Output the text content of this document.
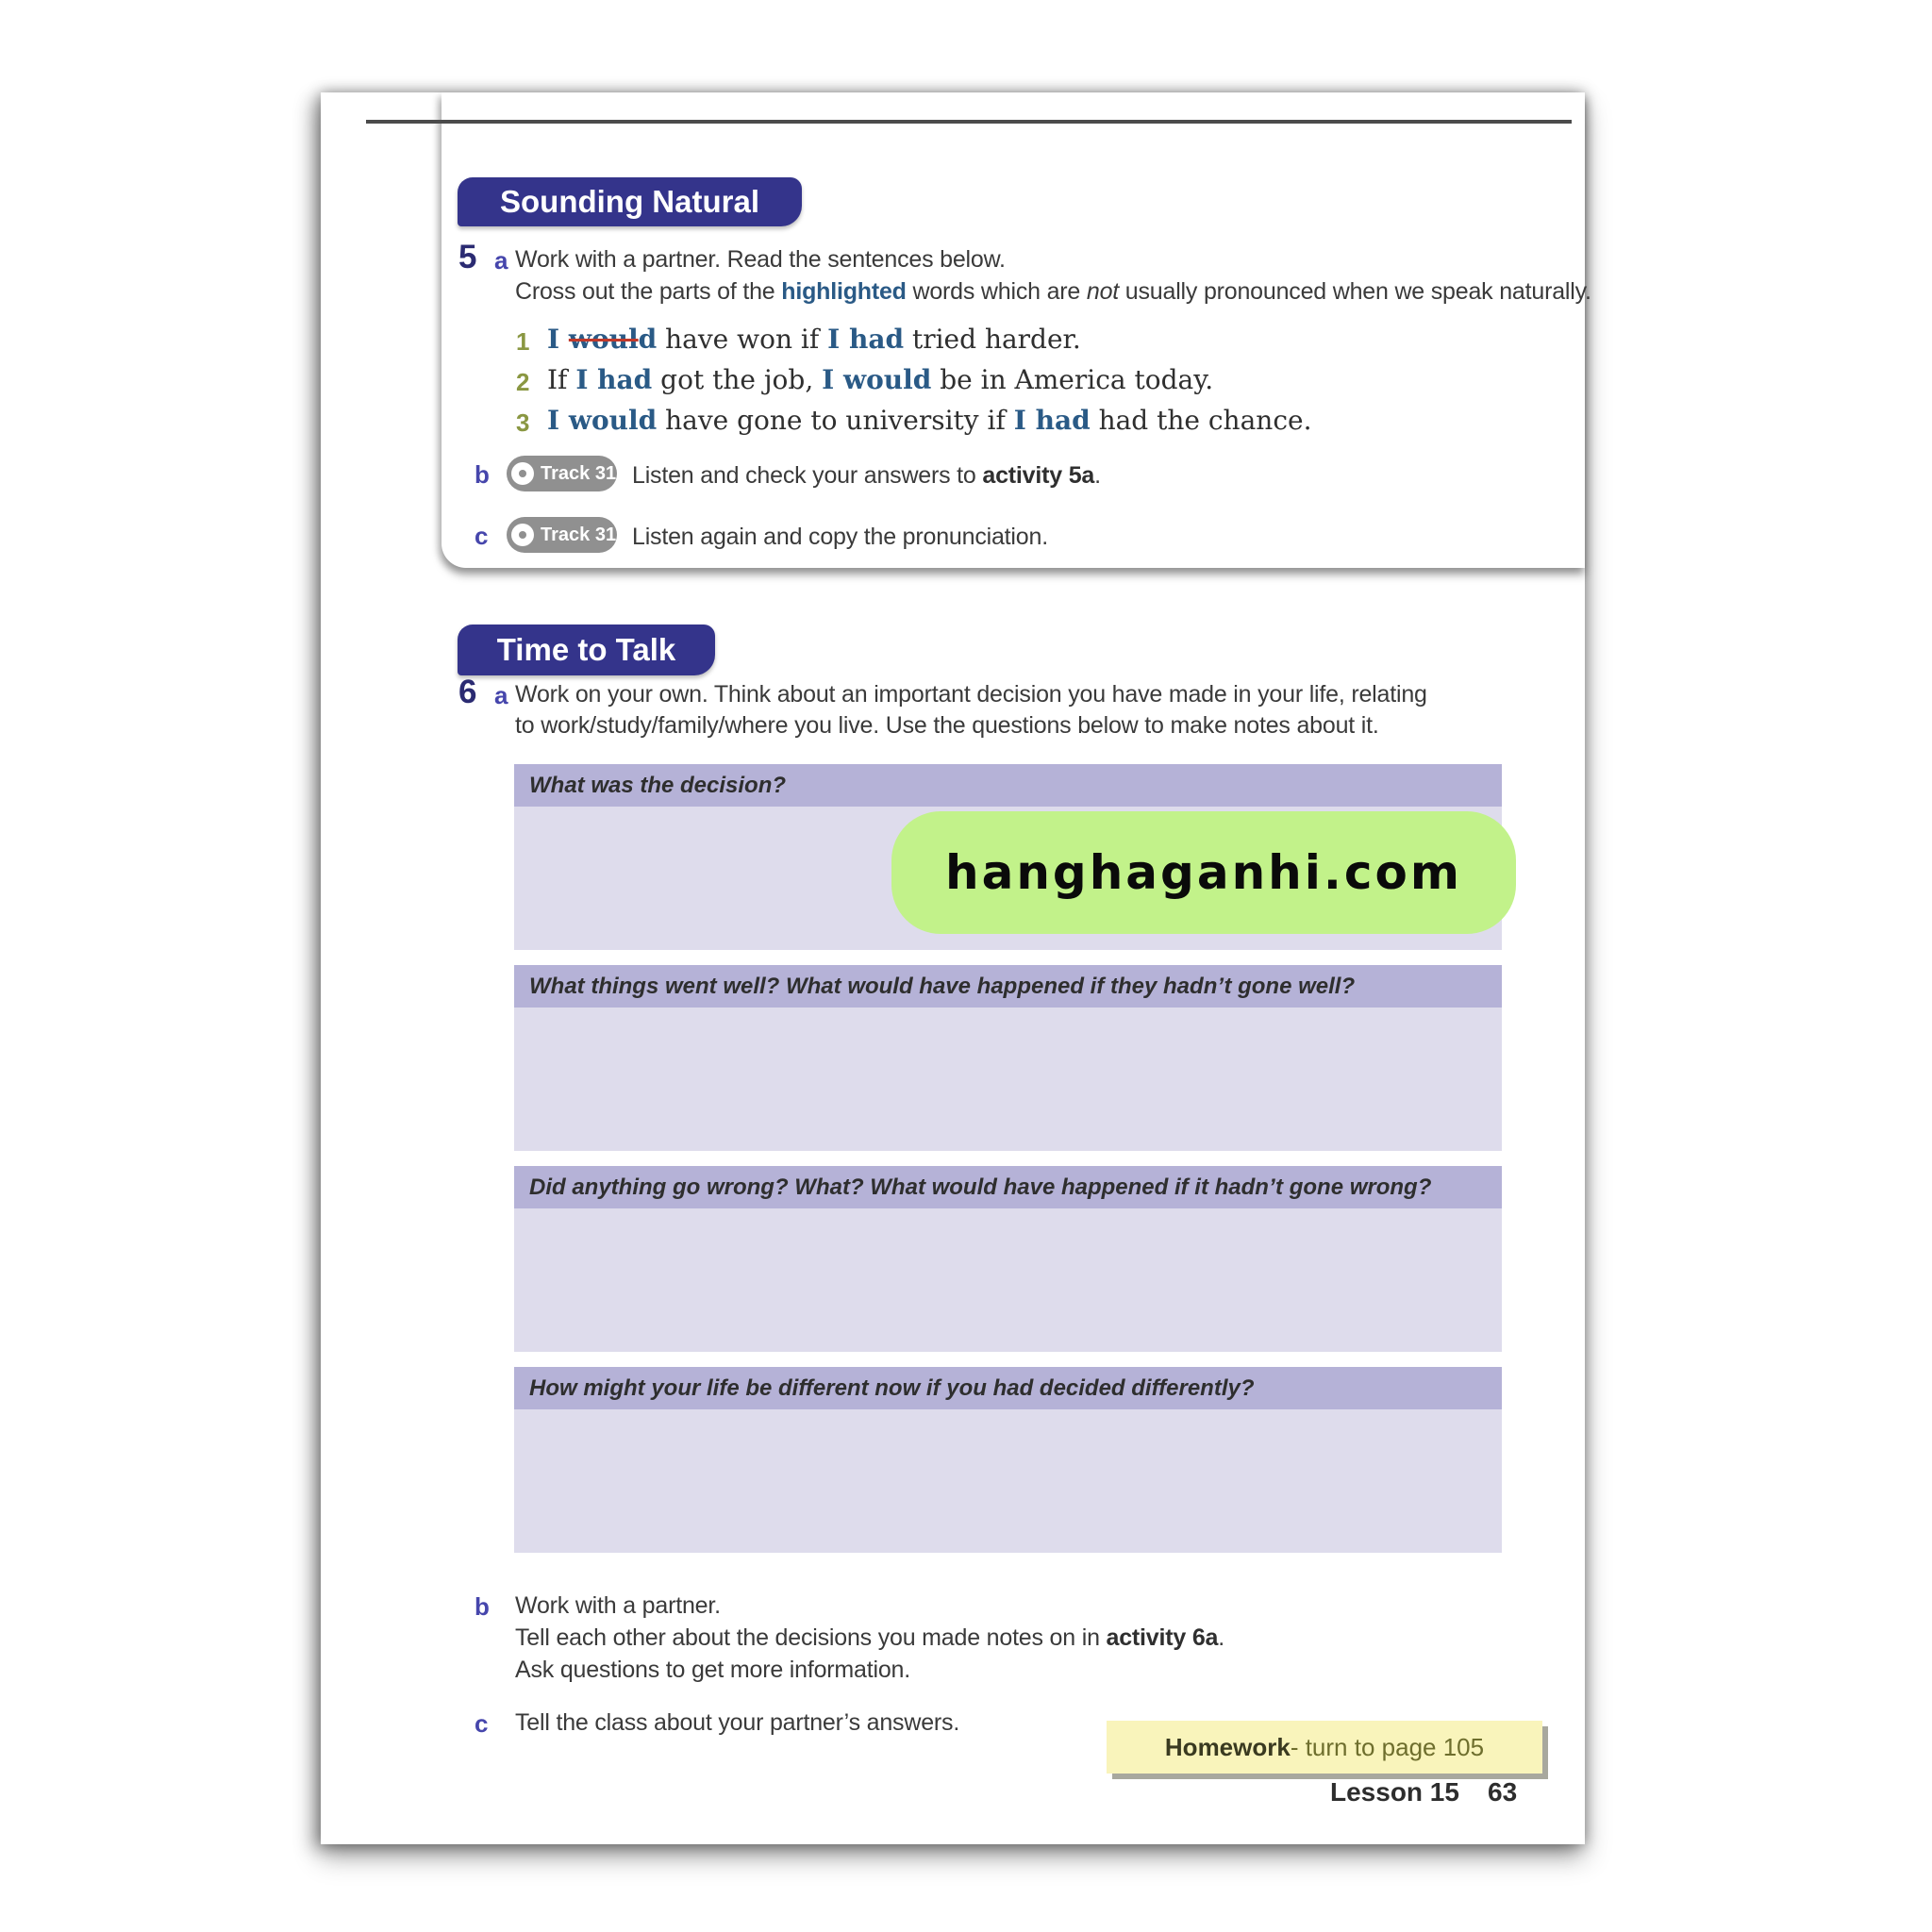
Sounding Natural
5 a Work with a partner. Read the sentences below.
Cross out the parts of the highlighted words which are not usually pronounced when we speak naturally.
1 I would have won if I had tried harder.
2 If I had got the job, I would be in America today.
3 I would have gone to university if I had had the chance.
b	Track 31 Listen and check your answers to activity 5a.
c	Track 31 Listen again and copy the pronunciation.
Time to Talk
6 a Work on your own. Think about an important decision you have made in your life, relating
to work/study/family/where you live. Use the questions below to make notes about it.
What was the decision?
What things went well? What would have happened if they hadn’t gone well?
Did anything go wrong? What? What would have happened if it hadn’t gone wrong?
How might your life be different now if you had decided differently?
hanghaganhi.com
b Work with a partner.
Tell each other about the decisions you made notes on in activity 6a.
Ask questions to get more information.
c Tell the class about your partner’s answers.
Homework - turn to page 105
Lesson 15 63
